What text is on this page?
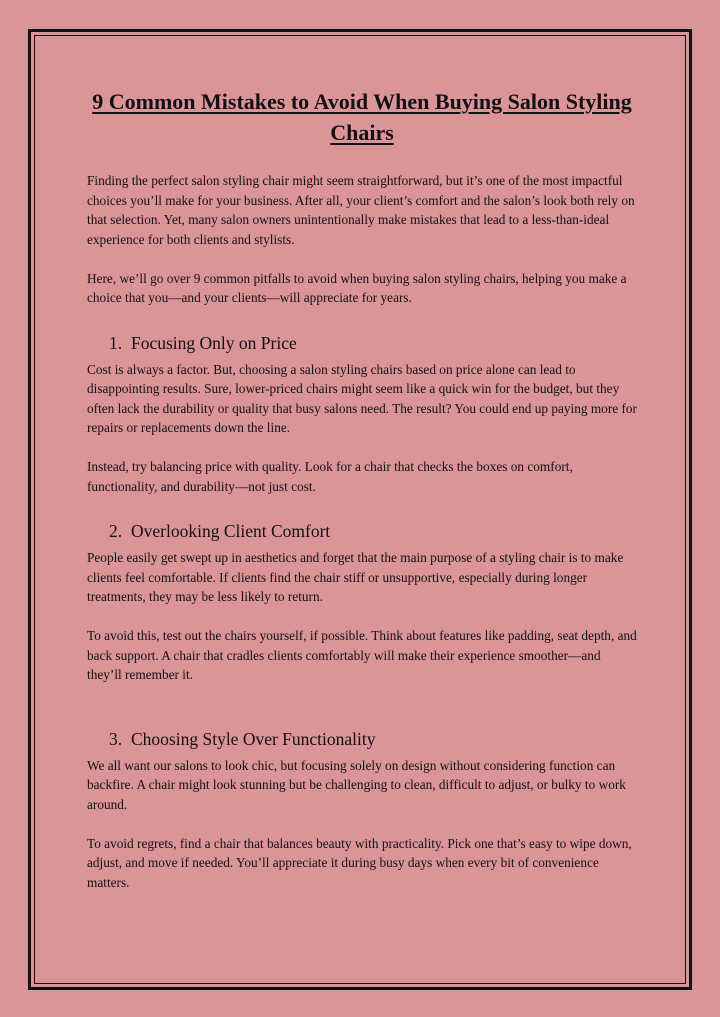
9 Common Mistakes to Avoid When Buying Salon Styling Chairs

Finding the perfect salon styling chair might seem straightforward, but it’s one of the most impactful choices you’ll make for your business. After all, your client’s comfort and the salon’s look both rely on that selection. Yet, many salon owners unintentionally make mistakes that lead to a less-than-ideal experience for both clients and stylists.

Here, we’ll go over 9 common pitfalls to avoid when buying salon styling chairs, helping you make a choice that you—and your clients—will appreciate for years.

1. Focusing Only on Price

Cost is always a factor. But, choosing a salon styling chairs based on price alone can lead to disappointing results. Sure, lower-priced chairs might seem like a quick win for the budget, but they often lack the durability or quality that busy salons need. The result? You could end up paying more for repairs or replacements down the line.

Instead, try balancing price with quality. Look for a chair that checks the boxes on comfort, functionality, and durability—not just cost.

2. Overlooking Client Comfort

People easily get swept up in aesthetics and forget that the main purpose of a styling chair is to make clients feel comfortable. If clients find the chair stiff or unsupportive, especially during longer treatments, they may be less likely to return.

To avoid this, test out the chairs yourself, if possible. Think about features like padding, seat depth, and back support. A chair that cradles clients comfortably will make their experience smoother—and they’ll remember it.

3. Choosing Style Over Functionality

We all want our salons to look chic, but focusing solely on design without considering function can backfire. A chair might look stunning but be challenging to clean, difficult to adjust, or bulky to work around.

To avoid regrets, find a chair that balances beauty with practicality. Pick one that’s easy to wipe down, adjust, and move if needed. You’ll appreciate it during busy days when every bit of convenience matters.
